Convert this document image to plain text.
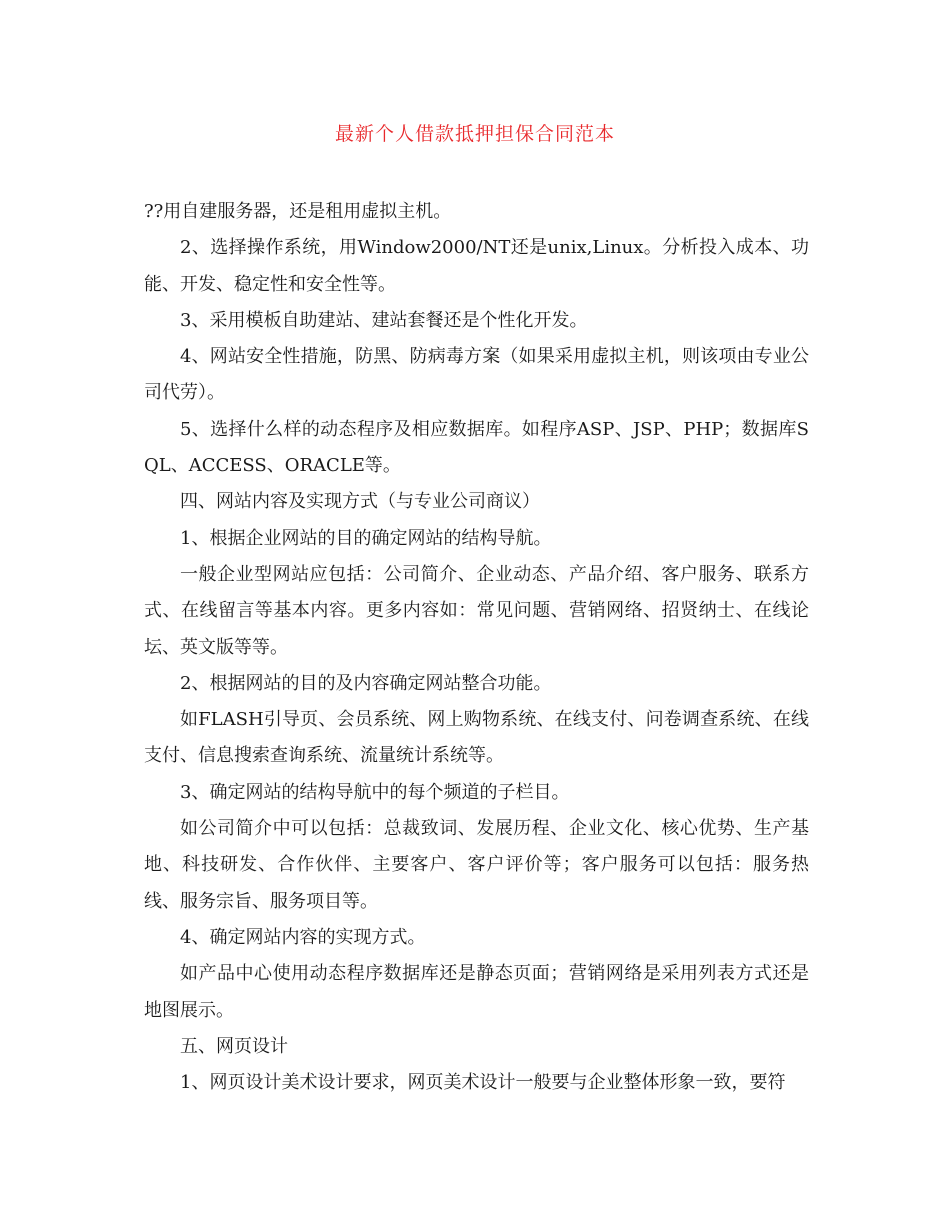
最新个人借款抵押担保合同范本

??用自建服务器，还是租用虚拟主机。

2、选择操作系统，用Window2000/NT还是unix,Linux。分析投入成本、功能、开发、稳定性和安全性等。

3、采用模板自助建站、建站套餐还是个性化开发。

4、网站安全性措施，防黑、防病毒方案（如果采用虚拟主机，则该项由专业公司代劳）。

5、选择什么样的动态程序及相应数据库。如程序ASP、JSP、PHP；数据库SQL、ACCESS、ORACLE等。

四、网站内容及实现方式（与专业公司商议）

1、根据企业网站的目的确定网站的结构导航。

一般企业型网站应包括：公司简介、企业动态、产品介绍、客户服务、联系方式、在线留言等基本内容。更多内容如：常见问题、营销网络、招贤纳士、在线论坛、英文版等等。

2、根据网站的目的及内容确定网站整合功能。

如FLASH引导页、会员系统、网上购物系统、在线支付、问卷调查系统、在线支付、信息搜索查询系统、流量统计系统等。

3、确定网站的结构导航中的每个频道的子栏目。

如公司简介中可以包括：总裁致词、发展历程、企业文化、核心优势、生产基地、科技研发、合作伙伴、主要客户、客户评价等；客户服务可以包括：服务热线、服务宗旨、服务项目等。

4、确定网站内容的实现方式。

如产品中心使用动态程序数据库还是静态页面；营销网络是采用列表方式还是地图展示。

五、网页设计

1、网页设计美术设计要求，网页美术设计一般要与企业整体形象一致，要符
